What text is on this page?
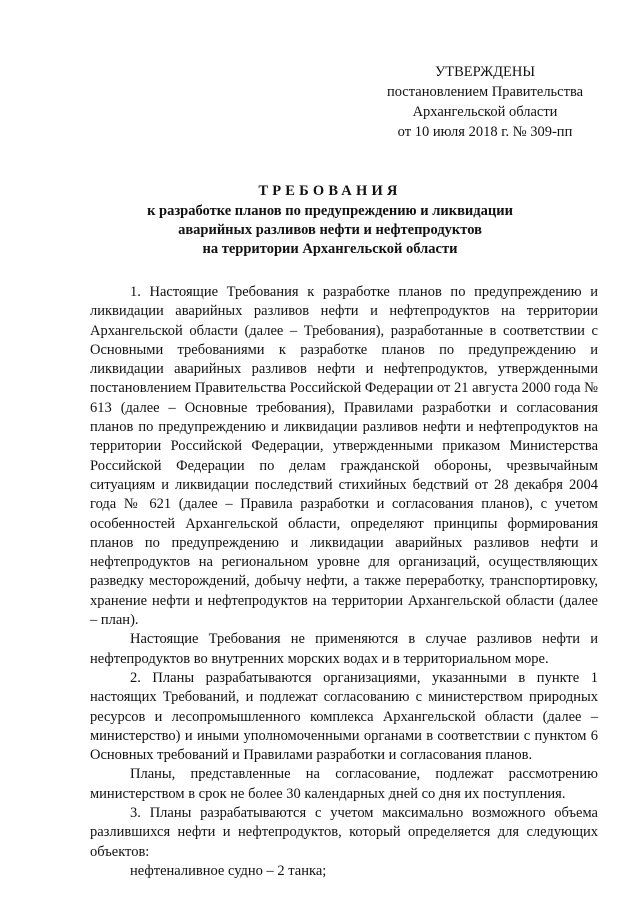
УТВЕРЖДЕНЫ
постановлением Правительства
Архангельской области
от 10 июля 2018 г. № 309-пп
ТРЕБОВАНИЯ
к разработке планов по предупреждению и ликвидации
аварийных разливов нефти и нефтепродуктов
на территории Архангельской области

1. Настоящие Требования к разработке планов по предупреждению и ликвидации аварийных разливов нефти и нефтепродуктов на территории Архангельской области (далее – Требования), разработанные в соответствии с Основными требованиями к разработке планов по предупреждению и ликвидации аварийных разливов нефти и нефтепродуктов, утвержденными постановлением Правительства Российской Федерации от 21 августа 2000 года № 613 (далее – Основные требования), Правилами разработки и согласования планов по предупреждению и ликвидации разливов нефти и нефтепродуктов на территории Российской Федерации, утвержденными приказом Министерства Российской Федерации по делам гражданской обороны, чрезвычайным ситуациям и ликвидации последствий стихийных бедствий от 28 декабря 2004 года № 621 (далее – Правила разработки и согласования планов), с учетом особенностей Архангельской области, определяют принципы формирования планов по предупреждению и ликвидации аварийных разливов нефти и нефтепродуктов на региональном уровне для организаций, осуществляющих разведку месторождений, добычу нефти, а также переработку, транспортировку, хранение нефти и нефтепродуктов на территории Архангельской области (далее – план).

Настоящие Требования не применяются в случае разливов нефти и нефтепродуктов во внутренних морских водах и в территориальном море.

2. Планы разрабатываются организациями, указанными в пункте 1 настоящих Требований, и подлежат согласованию с министерством природных ресурсов и лесопромышленного комплекса Архангельской области (далее – министерство) и иными уполномоченными органами в соответствии с пунктом 6 Основных требований и Правилами разработки и согласования планов.

Планы, представленные на согласование, подлежат рассмотрению министерством в срок не более 30 календарных дней со дня их поступления.

3. Планы разрабатываются с учетом максимально возможного объема разлившихся нефти и нефтепродуктов, который определяется для следующих объектов:

нефтеналивное судно – 2 танка;
